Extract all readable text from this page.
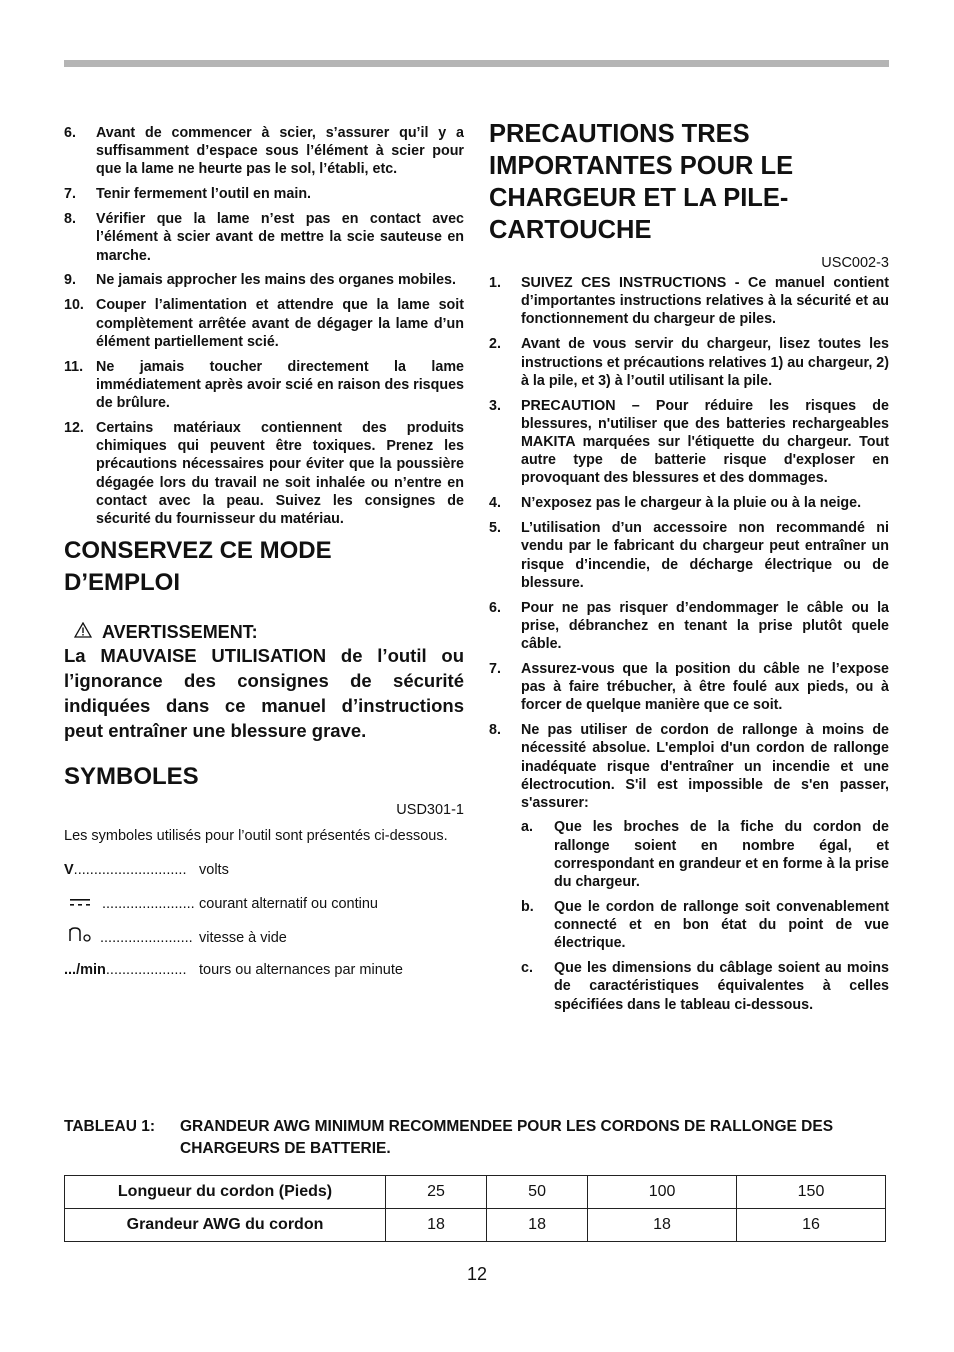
6. Avant de commencer à scier, s’assurer qu’il y a suffisamment d’espace sous l’élément à scier pour que la lame ne heurte pas le sol, l’établi, etc.
7. Tenir fermement l’outil en main.
8. Vérifier que la lame n’est pas en contact avec l’élément à scier avant de mettre la scie sauteuse en marche.
9. Ne jamais approcher les mains des organes mobiles.
10. Couper l’alimentation et attendre que la lame soit complètement arrêtée avant de dégager la lame d’un élément partiellement scié.
11. Ne jamais toucher directement la lame immédiatement après avoir scié en raison des risques de brûlure.
12. Certains matériaux contiennent des produits chimiques qui peuvent être toxiques. Prenez les précautions nécessaires pour éviter que la poussière dégagée lors du travail ne soit inhalée ou n’entre en contact avec la peau. Suivez les consignes de sécurité du fournisseur du matériau.
CONSERVEZ CE MODE D’EMPLOI
AVERTISSEMENT:
La MAUVAISE UTILISATION de l’outil ou l’ignorance des consignes de sécurité indiquées dans ce manuel d’instructions peut entraîner une blessure grave.
SYMBOLES
USD301-1
Les symboles utilisés pour l’outil sont présentés ci-dessous.
V ............................ volts
....................... courant alternatif ou continu
....................... vitesse à vide
.../min .................... tours ou alternances par minute
PRECAUTIONS TRES IMPORTANTES POUR LE CHARGEUR ET LA PILE-CARTOUCHE
USC002-3
1. SUIVEZ CES INSTRUCTIONS - Ce manuel contient d’importantes instructions relatives à la sécurité et au fonctionnement du chargeur de piles.
2. Avant de vous servir du chargeur, lisez toutes les instructions et précautions relatives 1) au chargeur, 2) à la pile, et 3) à l’outil utilisant la pile.
3. PRECAUTION – Pour réduire les risques de blessures, n'utiliser que des batteries rechargeables MAKITA marquées sur l'étiquette du chargeur. Tout autre type de batterie risque d'exploser en provoquant des blessures et des dommages.
4. N’exposez pas le chargeur à la pluie ou à la neige.
5. L’utilisation d’un accessoire non recommandé ni vendu par le fabricant du chargeur peut entraîner un risque d’incendie, de décharge électrique ou de blessure.
6. Pour ne pas risquer d’endommager le câble ou la prise, débranchez en tenant la prise plutôt quele câble.
7. Assurez-vous que la position du câble ne l’expose pas à faire trébucher, à être foulé aux pieds, ou à forcer de quelque manière que ce soit.
8. Ne pas utiliser de cordon de rallonge à moins de nécessité absolue. L'emploi d'un cordon de rallonge inadéquate risque d'entraîner un incendie et une électrocution. S'il est impossible de s'en passer, s'assurer:
a. Que les broches de la fiche du cordon de rallonge soient en nombre égal, et correspondant en grandeur et en forme à la prise du chargeur.
b. Que le cordon de rallonge soit convenablement connecté et en bon état du point de vue électrique.
c. Que les dimensions du câblage soient au moins de caractéristiques équivalentes à celles spécifiées dans le tableau ci-dessous.
TABLEAU 1: GRANDEUR AWG MINIMUM RECOMMENDEE POUR LES CORDONS DE RALLONGE DES CHARGEURS DE BATTERIE.
Longueur du cordon (Pieds)	25	50	100	150
Grandeur AWG du cordon	18	18	18	16
12
